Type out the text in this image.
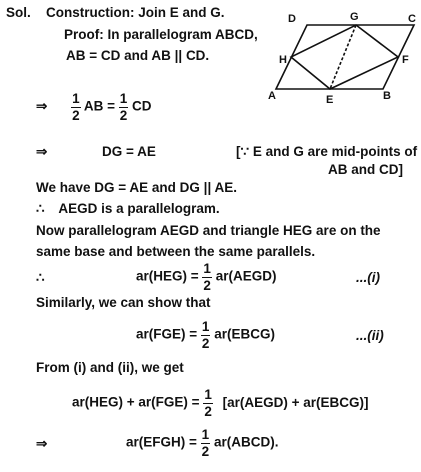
Sol. Construction: Join E and G.
Proof: In parallelogram ABCD,
AB = CD and AB || CD.
A	B
C
D
E
F
G
H
⇒ $\frac{1}{2}$ AB = $\frac{1}{2}$ CD
⇒	DG = AE	[∵ E and G are mid-points of
AB and CD]
We have DG = AE and DG || AE.
∴ AEGD is a parallelogram.
Now parallelogram AEGD and triangle HEG are on the
same base and between the same parallels.
∴	$ar(HEG) = \frac{1}{2}$ ar(AEGD)	...(i)
Similarly, we can show that
$ar(FGE) = \frac{1}{2}$ ar(EBCG)	...(ii)
From (i) and (ii), we get
$ar(HEG) + ar(FGE) = \frac{1}{2}$ [ar(AEGD) + ar(EBCG)]
⇒	ar(EFGH) = $\frac{1}{2}$ ar(ABCD).
